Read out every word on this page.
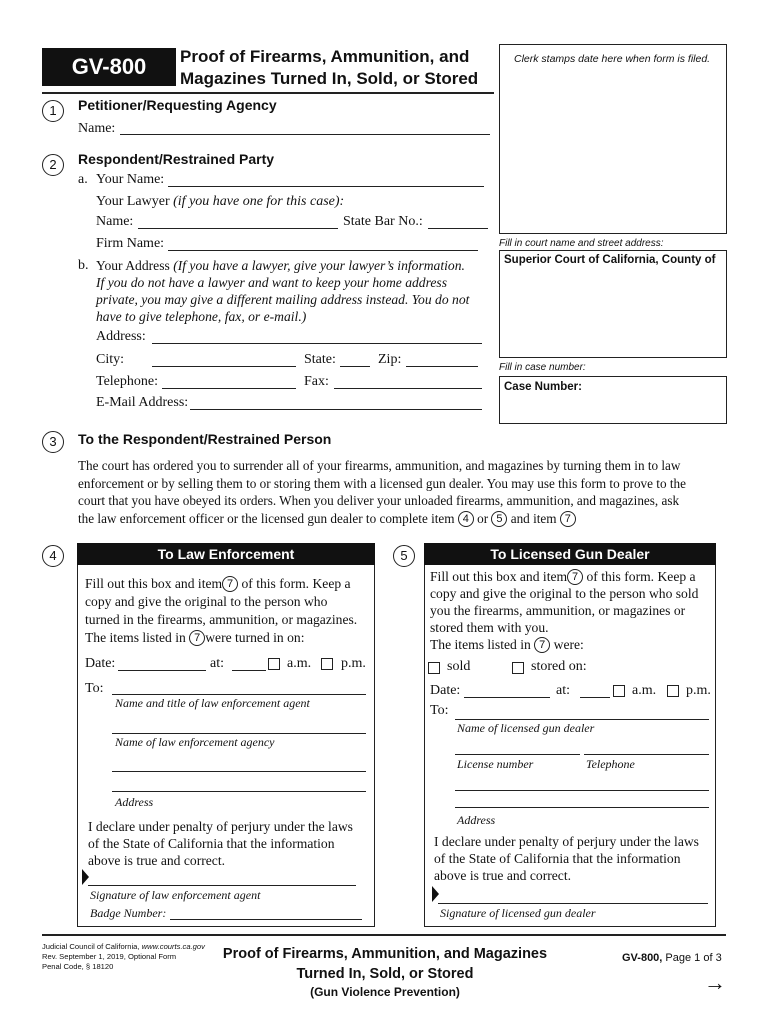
GV-800	Proof of Firearms, Ammunition, and
Magazines Turned In, Sold, or Stored
Clerk stamps date here when form is filed.
Fill in court name and street address:
Superior Court of California, County of
Fill in case number:
Case Number:
1	Petitioner/Requesting Agency
Name:
2	Respondent/Restrained Party
a. Your Name:
Your Lawyer (if you have one for this case):
Name:	State Bar No.:
Firm Name:
b. Your Address (If you have a lawyer, give your lawyer’s information.
If you do not have a lawyer and want to keep your home address
private, you may give a different mailing address instead. You do not
have to give telephone, fax, or e-mail.)
Address:
City:	State:	Zip:
Telephone:	Fax:
E-Mail Address:
3	To the Respondent/Restrained Person
The court has ordered you to surrender all of your firearms, ammunition, and magazines by turning them in to law
enforcement or by selling them to or storing them with a licensed gun dealer. You may use this form to prove to the
court that you have obeyed its orders. When you deliver your unloaded firearms, ammunition, and magazines, ask
the law enforcement officer or the licensed gun dealer to complete item 4 or 5 and item 7
4	To Law Enforcement
Fill out this box and item 7 of this form. Keep a
copy and give the original to the person who
turned in the firearms, ammunition, or magazines.
The items listed in 7 were turned in on:
Date:	at:	a.m. p.m.
To:
Name and title of law enforcement agent
Name of law enforcement agency
Address
I declare under penalty of perjury under the laws
of the State of California that the information
above is true and correct.
Signature of law enforcement agent
Badge Number:
5	To Licensed Gun Dealer
Fill out this box and item 7 of this form. Keep a
copy and give the original to the person who sold
you the firearms, ammunition, or magazines or
stored them with you.
The items listed in 7 were:
sold	stored on:
Date:	at:	a.m. p.m.
To:
Name of licensed gun dealer
License number	Telephone
Address
I declare under penalty of perjury under the laws
of the State of California that the information
above is true and correct.
Signature of licensed gun dealer
Judicial Council of California, www.courts.ca.gov
Rev. September 1, 2019, Optional Form
Penal Code, § 18120
Proof of Firearms, Ammunition, and Magazines
Turned In, Sold, or Stored
(Gun Violence Prevention)
GV-800, Page 1 of 3
→
